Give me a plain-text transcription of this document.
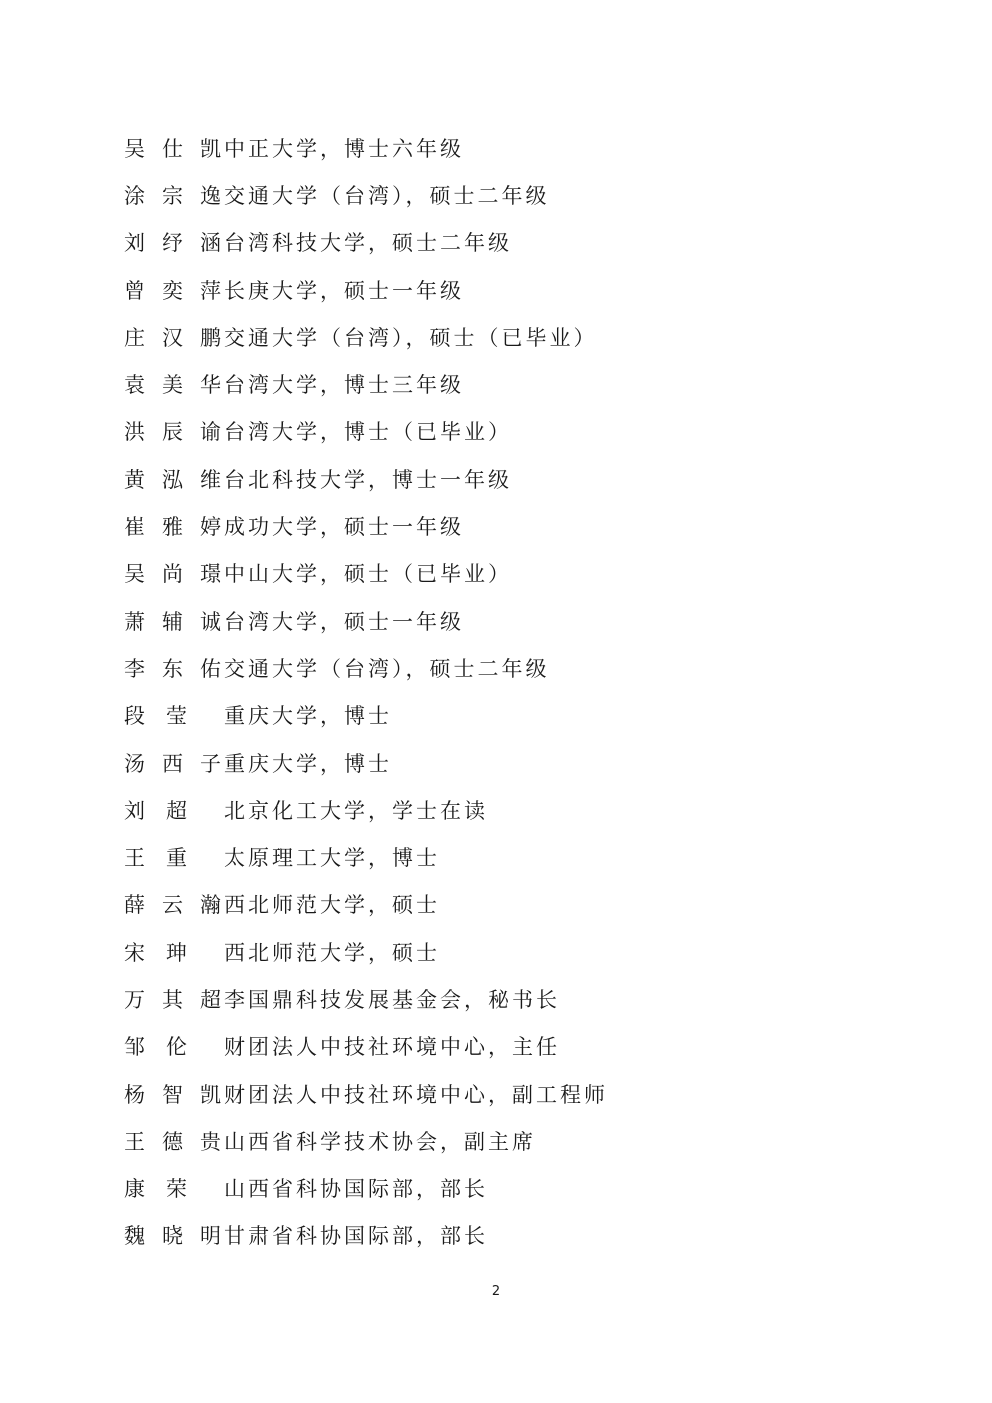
吴仕凯 中正大学，博士六年级
涂宗逸 交通大学（台湾），硕士二年级
刘纾涵 台湾科技大学，硕士二年级
曾奕萍 长庚大学，硕士一年级
庄汉鹏 交通大学（台湾），硕士（已毕业）
袁美华 台湾大学，博士三年级
洪辰谕 台湾大学，博士（已毕业）
黄泓维 台北科技大学，博士一年级
崔雅婷 成功大学，硕士一年级
吴尚璟 中山大学，硕士（已毕业）
萧辅诚 台湾大学，硕士一年级
李东佑 交通大学（台湾），硕士二年级
段莹 重庆大学，博士
汤西子 重庆大学，博士
刘超 北京化工大学，学士在读
王重 太原理工大学，博士
薛云瀚 西北师范大学，硕士
宋珅 西北师范大学，硕士
万其超 李国鼎科技发展基金会，秘书长
邹伦 财团法人中技社环境中心，主任
杨智凯 财团法人中技社环境中心，副工程师
王德贵 山西省科学技术协会，副主席
康荣 山西省科协国际部，部长
魏晓明 甘肃省科协国际部，部长
2
